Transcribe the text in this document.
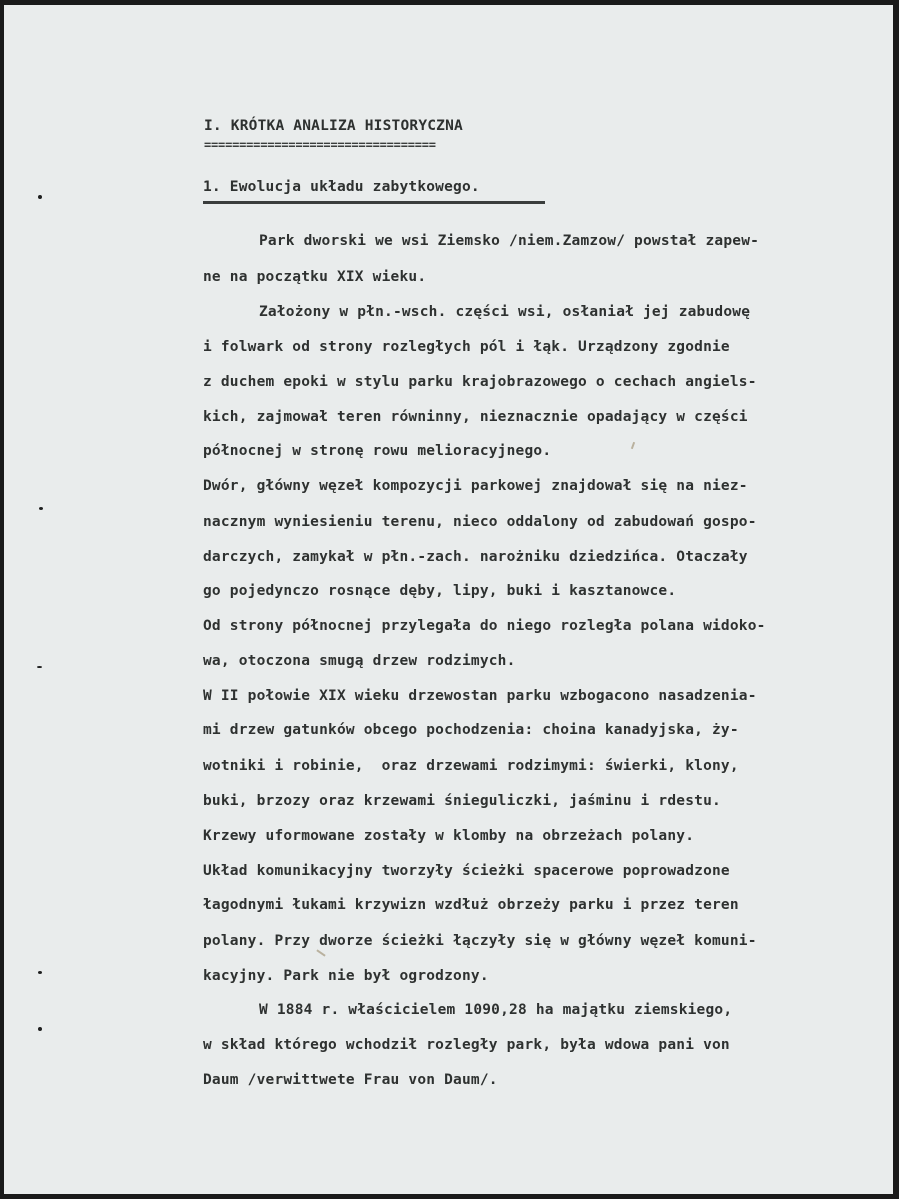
I. KRÓTKA ANALIZA HISTORYCZNA
=================================
1. Ewolucja układu zabytkowego.
Park dworski we wsi Ziemsko /niem.Zamzow/ powstał zapew-
ne na początku XIX wieku.
Założony w płn.-wsch. części wsi, osłaniał jej zabudowę
i folwark od strony rozległych pól i łąk. Urządzony zgodnie
z duchem epoki w stylu parku krajobrazowego o cechach angiels-
kich, zajmował teren równinny, nieznacznie opadający w części
północnej w stronę rowu melioracyjnego.
Dwór, główny węzeł kompozycji parkowej znajdował się na niez-
nacznym wyniesieniu terenu, nieco oddalony od zabudowań gospo-
darczych, zamykał w płn.-zach. narożniku dziedzińca. Otaczały
go pojedynczo rosnące dęby, lipy, buki i kasztanowce.
Od strony północnej przylegała do niego rozległa polana widoko-
wa, otoczona smugą drzew rodzimych.
W II połowie XIX wieku drzewostan parku wzbogacono nasadzenia-
mi drzew gatunków obcego pochodzenia: choina kanadyjska, ży-
wotniki i robinie,  oraz drzewami rodzimymi: świerki, klony,
buki, brzozy oraz krzewami śnieguliczki, jaśminu i rdestu.
Krzewy uformowane zostały w klomby na obrzeżach polany.
Układ komunikacyjny tworzyły ścieżki spacerowe poprowadzone
łagodnymi łukami krzywizn wzdłuż obrzeży parku i przez teren
polany. Przy dworze ścieżki łączyły się w główny węzeł komuni-
kacyjny. Park nie był ogrodzony.
W 1884 r. właścicielem 1090,28 ha majątku ziemskiego,
w skład którego wchodził rozległy park, była wdowa pani von
Daum /verwittwete Frau von Daum/.
